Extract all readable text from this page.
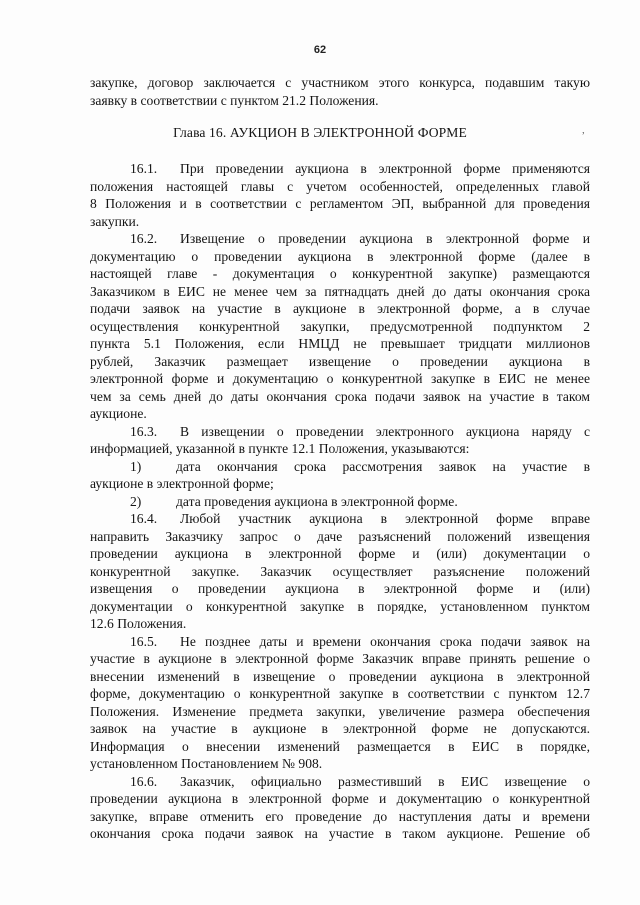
62
закупке, договор заключается с участником этого конкурса, подавшим такую
заявку в соответствии с пунктом 21.2 Положения.
Глава 16. АУКЦИОН В ЭЛЕКТРОННОЙ ФОРМЕ	,
16.1. При проведении аукциона в электронной форме применяются
положения настоящей главы с учетом особенностей, определенных главой
8 Положения и в соответствии с регламентом ЭП, выбранной для проведения
закупки.
16.2. Извещение о проведении аукциона в электронной форме и
документацию о проведении аукциона в электронной форме (далее в
настоящей главе - документация о конкурентной закупке) размещаются
Заказчиком в ЕИС не менее чем за пятнадцать дней до даты окончания срока
подачи заявок на участие в аукционе в электронной форме, а в случае
осуществления конкурентной закупки, предусмотренной подпунктом 2
пункта 5.1 Положения, если НМЦД не превышает тридцати миллионов
рублей, Заказчик размещает извещение о проведении аукциона в
электронной форме и документацию о конкурентной закупке в ЕИС не менее
чем за семь дней до даты окончания срока подачи заявок на участие в таком
аукционе.
16.3. В извещении о проведении электронного аукциона наряду с
информацией, указанной в пункте 12.1 Положения, указываются:
1)	дата окончания срока рассмотрения заявок на участие в
аукционе в электронной форме;
2)	дата проведения аукциона в электронной форме.
16.4. Любой участник аукциона в электронной форме вправе
направить Заказчику запрос о даче разъяснений положений извещения
проведении аукциона в электронной форме и (или) документации о
конкурентной закупке. Заказчик осуществляет разъяснение положений
извещения о проведении аукциона в электронной форме и (или)
документации о конкурентной закупке в порядке, установленном пунктом
12.6 Положения.
16.5. Не позднее даты и времени окончания срока подачи заявок на
участие в аукционе в электронной форме Заказчик вправе принять решение о
внесении изменений в извещение о проведении аукциона в электронной
форме, документацию о конкурентной закупке в соответствии с пунктом 12.7
Положения. Изменение предмета закупки, увеличение размера обеспечения
заявок на участие в аукционе в электронной форме не допускаются.
Информация о внесении изменений размещается в ЕИС в порядке,
установленном Постановлением № 908.
16.6. Заказчик, официально разместивший в ЕИС извещение о
проведении аукциона в электронной форме и документацию о конкурентной
закупке, вправе отменить его проведение до наступления даты и времени
окончания срока подачи заявок на участие в таком аукционе. Решение об
